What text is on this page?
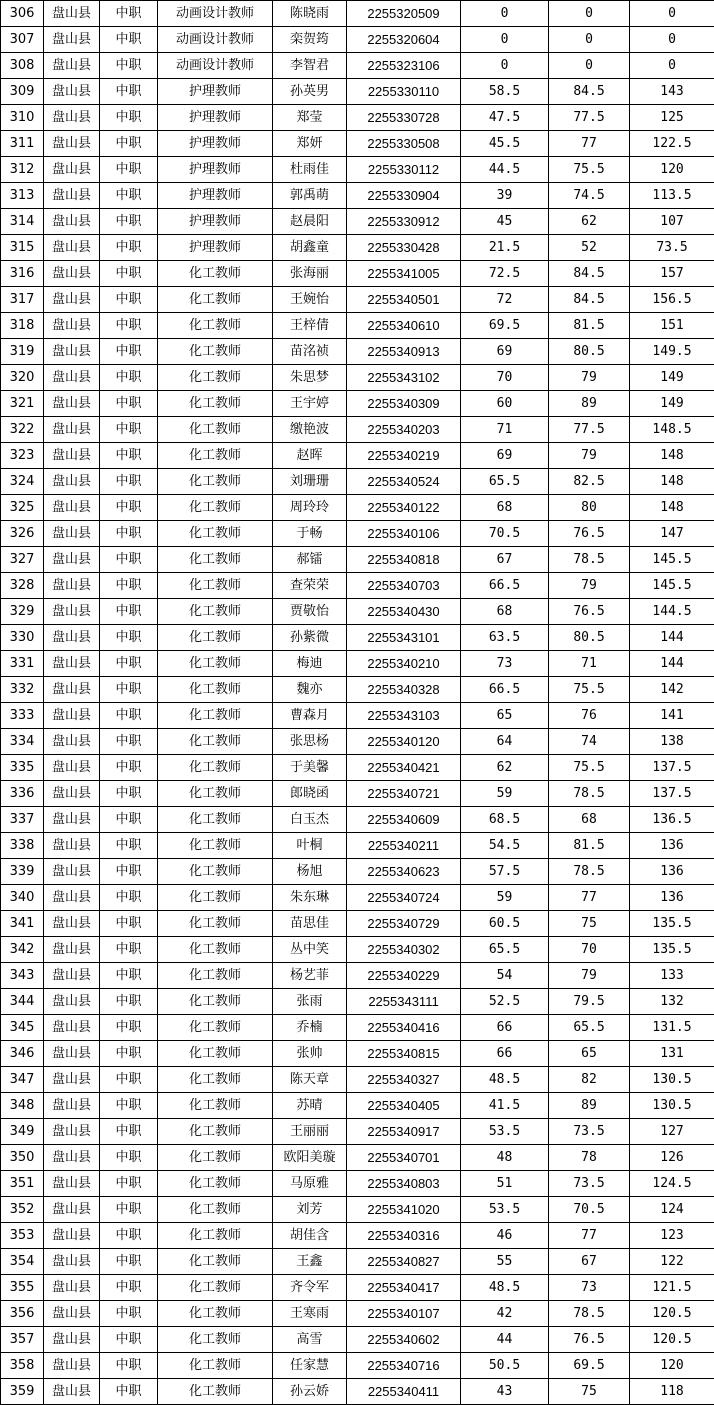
306	盘山县	中职	动画设计教师	陈晓雨	2255320509	0	0	0
307	盘山县	中职	动画设计教师	栾贺筠	2255320604	0	0	0
308	盘山县	中职	动画设计教师	李智君	2255323106	0	0	0
309	盘山县	中职	护理教师	孙英男	2255330110	58.5	84.5	143
310	盘山县	中职	护理教师	郑莹	2255330728	47.5	77.5	125
311	盘山县	中职	护理教师	郑妍	2255330508	45.5	77	122.5
312	盘山县	中职	护理教师	杜雨佳	2255330112	44.5	75.5	120
313	盘山县	中职	护理教师	郭禹萌	2255330904	39	74.5	113.5
314	盘山县	中职	护理教师	赵晨阳	2255330912	45	62	107
315	盘山县	中职	护理教师	胡鑫童	2255330428	21.5	52	73.5
316	盘山县	中职	化工教师	张海丽	2255341005	72.5	84.5	157
317	盘山县	中职	化工教师	王婉怡	2255340501	72	84.5	156.5
318	盘山县	中职	化工教师	王梓倩	2255340610	69.5	81.5	151
319	盘山县	中职	化工教师	苗洺祯	2255340913	69	80.5	149.5
320	盘山县	中职	化工教师	朱思梦	2255343102	70	79	149
321	盘山县	中职	化工教师	王宇婷	2255340309	60	89	149
322	盘山县	中职	化工教师	缴艳波	2255340203	71	77.5	148.5
323	盘山县	中职	化工教师	赵晖	2255340219	69	79	148
324	盘山县	中职	化工教师	刘珊珊	2255340524	65.5	82.5	148
325	盘山县	中职	化工教师	周玲玲	2255340122	68	80	148
326	盘山县	中职	化工教师	于畅	2255340106	70.5	76.5	147
327	盘山县	中职	化工教师	郝镭	2255340818	67	78.5	145.5
328	盘山县	中职	化工教师	查荣荣	2255340703	66.5	79	145.5
329	盘山县	中职	化工教师	贾敬怡	2255340430	68	76.5	144.5
330	盘山县	中职	化工教师	孙紫微	2255343101	63.5	80.5	144
331	盘山县	中职	化工教师	梅迪	2255340210	73	71	144
332	盘山县	中职	化工教师	魏亦	2255340328	66.5	75.5	142
333	盘山县	中职	化工教师	曹森月	2255343103	65	76	141
334	盘山县	中职	化工教师	张思杨	2255340120	64	74	138
335	盘山县	中职	化工教师	于美馨	2255340421	62	75.5	137.5
336	盘山县	中职	化工教师	郎晓函	2255340721	59	78.5	137.5
337	盘山县	中职	化工教师	白玉杰	2255340609	68.5	68	136.5
338	盘山县	中职	化工教师	叶桐	2255340211	54.5	81.5	136
339	盘山县	中职	化工教师	杨旭	2255340623	57.5	78.5	136
340	盘山县	中职	化工教师	朱东琳	2255340724	59	77	136
341	盘山县	中职	化工教师	苗思佳	2255340729	60.5	75	135.5
342	盘山县	中职	化工教师	丛中笑	2255340302	65.5	70	135.5
343	盘山县	中职	化工教师	杨艺菲	2255340229	54	79	133
344	盘山县	中职	化工教师	张雨	2255343111	52.5	79.5	132
345	盘山县	中职	化工教师	乔楠	2255340416	66	65.5	131.5
346	盘山县	中职	化工教师	张帅	2255340815	66	65	131
347	盘山县	中职	化工教师	陈天章	2255340327	48.5	82	130.5
348	盘山县	中职	化工教师	苏晴	2255340405	41.5	89	130.5
349	盘山县	中职	化工教师	王丽丽	2255340917	53.5	73.5	127
350	盘山县	中职	化工教师	欧阳美璇	2255340701	48	78	126
351	盘山县	中职	化工教师	马原雅	2255340803	51	73.5	124.5
352	盘山县	中职	化工教师	刘芳	2255341020	53.5	70.5	124
353	盘山县	中职	化工教师	胡佳含	2255340316	46	77	123
354	盘山县	中职	化工教师	王鑫	2255340827	55	67	122
355	盘山县	中职	化工教师	齐令军	2255340417	48.5	73	121.5
356	盘山县	中职	化工教师	王寒雨	2255340107	42	78.5	120.5
357	盘山县	中职	化工教师	高雪	2255340602	44	76.5	120.5
358	盘山县	中职	化工教师	任家慧	2255340716	50.5	69.5	120
359	盘山县	中职	化工教师	孙云娇	2255340411	43	75	118
